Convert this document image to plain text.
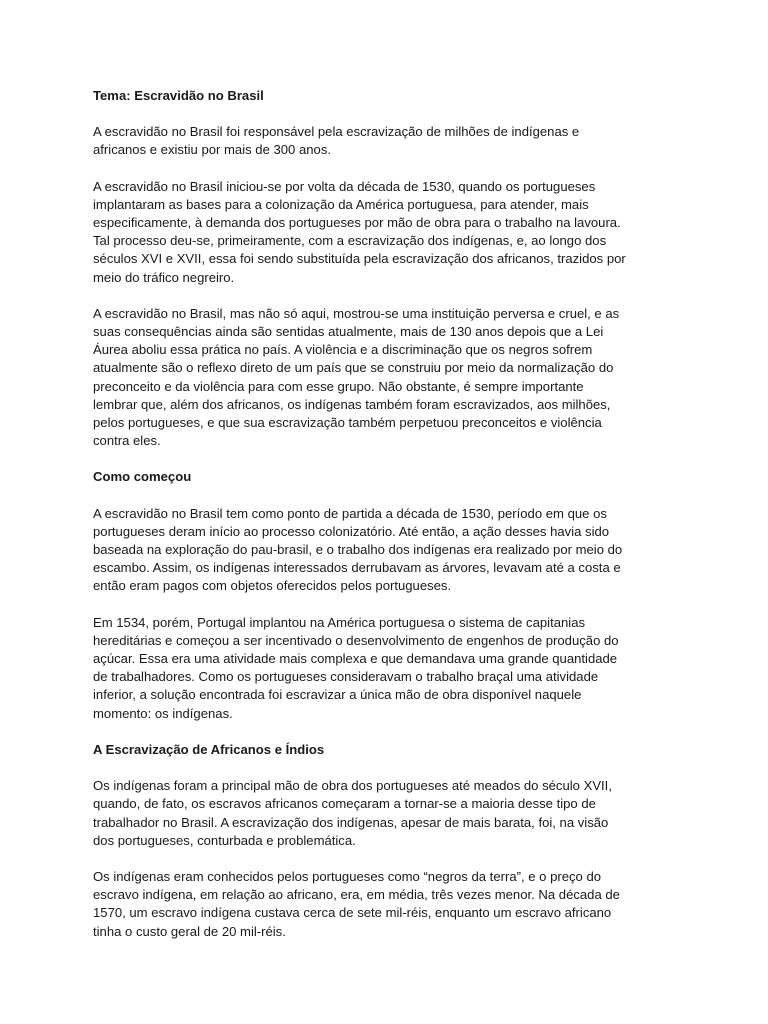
Tema: Escravidão no Brasil
A escravidão no Brasil foi responsável pela escravização de milhões de indígenas e
africanos e existiu por mais de 300 anos.
A escravidão no Brasil iniciou-se por volta da década de 1530, quando os portugueses
implantaram as bases para a colonização da América portuguesa, para atender, mais
especificamente, à demanda dos portugueses por mão de obra para o trabalho na lavoura.
Tal processo deu-se, primeiramente, com a escravização dos indígenas, e, ao longo dos
séculos XVI e XVII, essa foi sendo substituída pela escravização dos africanos, trazidos por
meio do tráfico negreiro.
A escravidão no Brasil, mas não só aqui, mostrou-se uma instituição perversa e cruel, e as
suas consequências ainda são sentidas atualmente, mais de 130 anos depois que a Lei
Áurea aboliu essa prática no país. A violência e a discriminação que os negros sofrem
atualmente são o reflexo direto de um país que se construiu por meio da normalização do
preconceito e da violência para com esse grupo. Não obstante, é sempre importante
lembrar que, além dos africanos, os indígenas também foram escravizados, aos milhões,
pelos portugueses, e que sua escravização também perpetuou preconceitos e violência
contra eles.
Como começou
A escravidão no Brasil tem como ponto de partida a década de 1530, período em que os
portugueses deram início ao processo colonizatório. Até então, a ação desses havia sido
baseada na exploração do pau-brasil, e o trabalho dos indígenas era realizado por meio do
escambo. Assim, os indígenas interessados derrubavam as árvores, levavam até a costa e
então eram pagos com objetos oferecidos pelos portugueses.
Em 1534, porém, Portugal implantou na América portuguesa o sistema de capitanias
hereditárias e começou a ser incentivado o desenvolvimento de engenhos de produção do
açúcar. Essa era uma atividade mais complexa e que demandava uma grande quantidade
de trabalhadores. Como os portugueses consideravam o trabalho braçal uma atividade
inferior, a solução encontrada foi escravizar a única mão de obra disponível naquele
momento: os indígenas.
A Escravização de Africanos e Índios
Os indígenas foram a principal mão de obra dos portugueses até meados do século XVII,
quando, de fato, os escravos africanos começaram a tornar-se a maioria desse tipo de
trabalhador no Brasil. A escravização dos indígenas, apesar de mais barata, foi, na visão
dos portugueses, conturbada e problemática.
Os indígenas eram conhecidos pelos portugueses como “negros da terra”, e o preço do
escravo indígena, em relação ao africano, era, em média, três vezes menor. Na década de
1570, um escravo indígena custava cerca de sete mil-réis, enquanto um escravo africano
tinha o custo geral de 20 mil-réis.
